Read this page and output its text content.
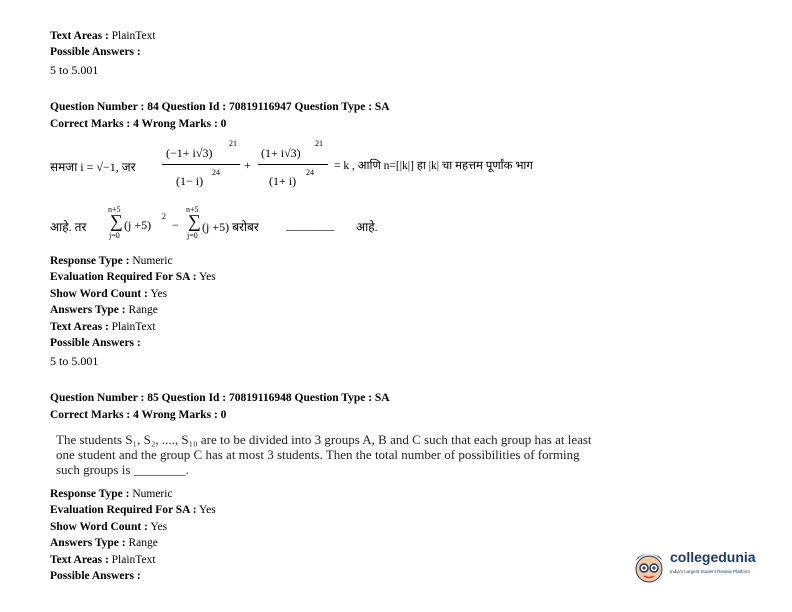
Text Areas : PlainText
Possible Answers :
5 to 5.001
Question Number : 84 Question Id : 70819116947 Question Type : SA
Correct Marks : 4 Wrong Marks : 0
समजा i = √−1, जर
(−1+ i√3)
21
(1− i)
24
+
(1+ i√3)
21
(1+ i)
24
= k , आणि n=[|k|] हा |k| चा महत्तम पूर्णांक भाग
आहे. तर
n+5
∑
j=0
(j +5)
2
−
n+5
∑
j=0
(j +5) बरोबर ________ आहे.
Response Type : Numeric
Evaluation Required For SA : Yes
Show Word Count : Yes
Answers Type : Range
Text Areas : PlainText
Possible Answers :
5 to 5.001
Question Number : 85 Question Id : 70819116948 Question Type : SA
Correct Marks : 4 Wrong Marks : 0
The students S₁, S₂, ...., S₁₀ are to be divided into 3 groups A, B and C such that each group has at least one student and the group C has at most 3 students. Then the total number of possibilities of forming such groups is ________.
Response Type : Numeric
Evaluation Required For SA : Yes
Show Word Count : Yes
Answers Type : Range
Text Areas : PlainText
Possible Answers :
collegedunia
India's Largest Student Review Platform
